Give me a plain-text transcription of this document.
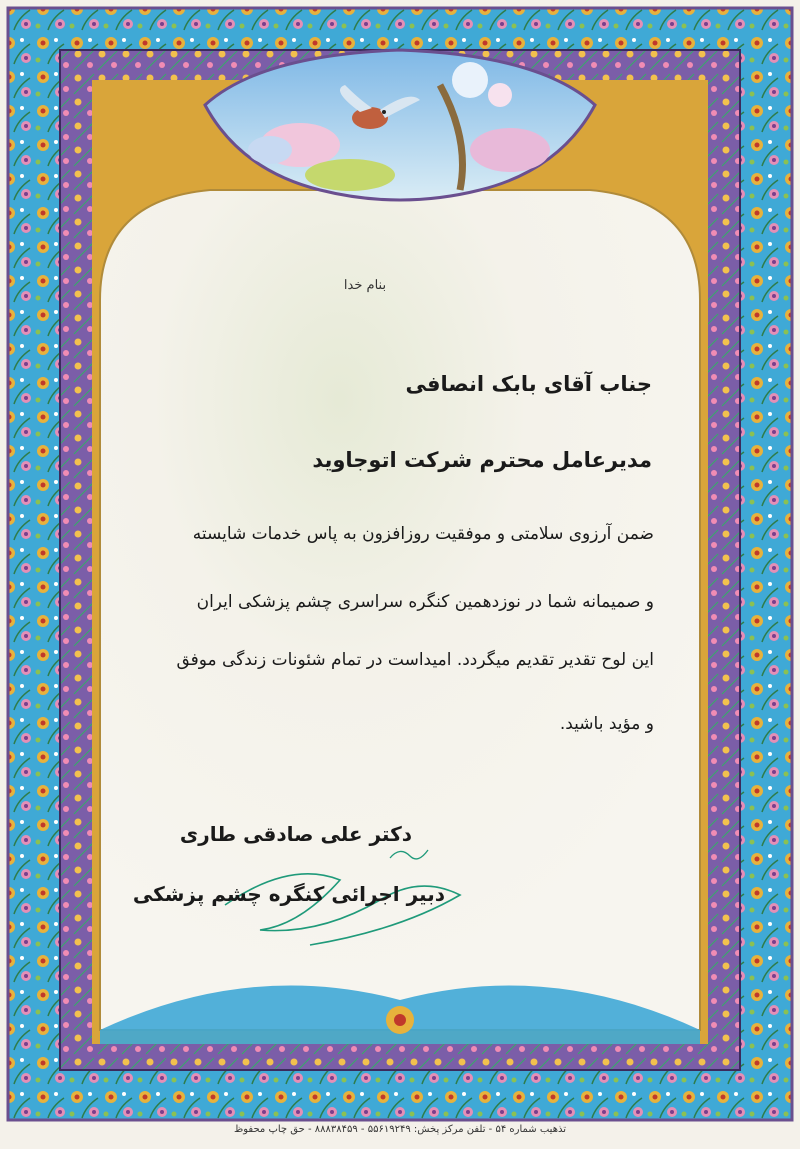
بنام خدا
جناب آقای بابک انصافی
مدیرعامل محترم شرکت اتوجاوید
ضمن آرزوی سلامتی و موفقیت روزافزون به پاس خدمات شایسته
و صمیمانه شما در نوزدهمین کنگره سراسری چشم پزشکی ایران
این لوح تقدیر تقدیم میگردد. امیداست در تمام شئونات زندگی موفق
و مؤید باشید.
دکتر علی صادقی طاری
دبیر اجرائی کنگره چشم پزشکی
تذهیب شماره ۵۴ - تلفن مرکز پخش: ۵۵۶۱۹۲۴۹ - ۸۸۸۳۸۴۵۹ - حق چاپ محفوظ
